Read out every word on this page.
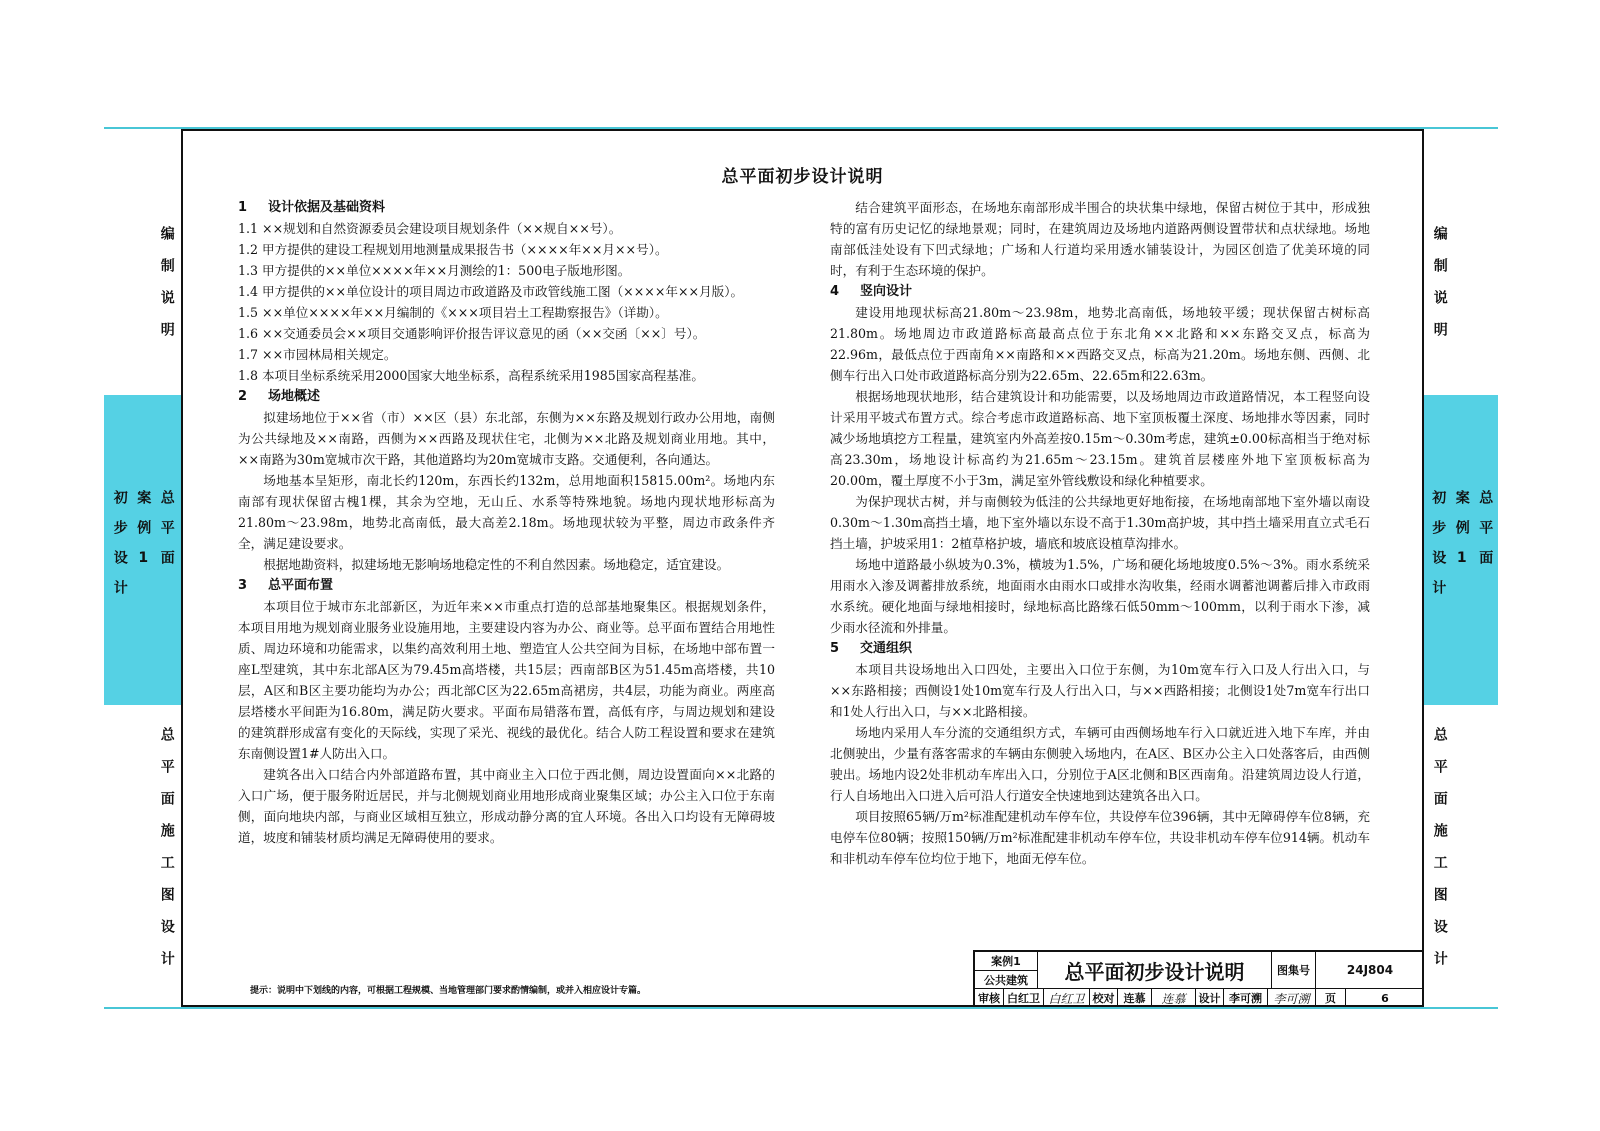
编制说明
总平面
案例1
初步设计
总平面施工图设计
编制说明
总平面
案例1
初步设计
总平面施工图设计
总平面初步设计说明

1 设计依据及基础资料

1.1 ××规划和自然资源委员会建设项目规划条件（××规自××号）。

1.2 甲方提供的建设工程规划用地测量成果报告书（××××年××月××号）。

1.3 甲方提供的××单位××××年××月测绘的1：500电子版地形图。

1.4 甲方提供的××单位设计的项目周边市政道路及市政管线施工图（××××年××月版）。

1.5 ××单位××××年××月编制的《×××项目岩土工程勘察报告》（详勘）。

1.6 ××交通委员会××项目交通影响评价报告评议意见的函（××交函〔××〕号）。

1.7 ××市园林局相关规定。

1.8 本项目坐标系统采用2000国家大地坐标系，高程系统采用1985国家高程基准。

2 场地概述

拟建场地位于××省（市）××区（县）东北部，东侧为××东路及规划行政办公用地，南侧为公共绿地及××南路，西侧为××西路及现状住宅，北侧为××北路及规划商业用地。其中，××南路为30m宽城市次干路，其他道路均为20m宽城市支路。交通便利，各向通达。

场地基本呈矩形，南北长约120m，东西长约132m，总用地面积15815.00m²。场地内东南部有现状保留古槐1棵，其余为空地，无山丘、水系等特殊地貌。场地内现状地形标高为21.80m～23.98m，地势北高南低，最大高差2.18m。场地现状较为平整，周边市政条件齐全，满足建设要求。

根据地勘资料，拟建场地无影响场地稳定性的不利自然因素。场地稳定，适宜建设。

3 总平面布置

本项目位于城市东北部新区，为近年来××市重点打造的总部基地聚集区。根据规划条件，本项目用地为规划商业服务业设施用地，主要建设内容为办公、商业等。总平面布置结合用地性质、周边环境和功能需求，以集约高效利用土地、塑造宜人公共空间为目标，在场地中部布置一座L型建筑，其中东北部A区为79.45m高塔楼，共15层；西南部B区为51.45m高塔楼，共10层，A区和B区主要功能均为办公；西北部C区为22.65m高裙房，共4层，功能为商业。两座高层塔楼水平间距为16.80m，满足防火要求。平面布局错落布置，高低有序，与周边规划和建设的建筑群形成富有变化的天际线，实现了采光、视线的最优化。结合人防工程设置和要求在建筑东南侧设置1#人防出入口。

建筑各出入口结合内外部道路布置，其中商业主入口位于西北侧，周边设置面向××北路的入口广场，便于服务附近居民，并与北侧规划商业用地形成商业聚集区域；办公主入口位于东南侧，面向地块内部，与商业区域相互独立，形成动静分离的宜人环境。各出入口均设有无障碍坡道，坡度和铺装材质均满足无障碍使用的要求。

结合建筑平面形态，在场地东南部形成半围合的块状集中绿地，保留古树位于其中，形成独特的富有历史记忆的绿地景观；同时，在建筑周边及场地内道路两侧设置带状和点状绿地。场地南部低洼处设有下凹式绿地；广场和人行道均采用透水铺装设计，为园区创造了优美环境的同时，有利于生态环境的保护。

4 竖向设计

建设用地现状标高21.80m～23.98m，地势北高南低，场地较平缓；现状保留古树标高21.80m。场地周边市政道路标高最高点位于东北角××北路和××东路交叉点，标高为22.96m，最低点位于西南角××南路和××西路交叉点，标高为21.20m。场地东侧、西侧、北侧车行出入口处市政道路标高分别为22.65m、22.65m和22.63m。

根据场地现状地形，结合建筑设计和功能需要，以及场地周边市政道路情况，本工程竖向设计采用平坡式布置方式。综合考虑市政道路标高、地下室顶板覆土深度、场地排水等因素，同时减少场地填挖方工程量，建筑室内外高差按0.15m～0.30m考虑，建筑±0.00标高相当于绝对标高23.30m，场地设计标高约为21.65m～23.15m。建筑首层楼座外地下室顶板标高为20.00m，覆土厚度不小于3m，满足室外管线敷设和绿化种植要求。

为保护现状古树，并与南侧较为低洼的公共绿地更好地衔接，在场地南部地下室外墙以南设0.30m～1.30m高挡土墙，地下室外墙以东设不高于1.30m高护坡，其中挡土墙采用直立式毛石挡土墙，护坡采用1：2植草格护坡，墙底和坡底设植草沟排水。

场地中道路最小纵坡为0.3%，横坡为1.5%，广场和硬化场地坡度0.5%～3%。雨水系统采用雨水入渗及调蓄排放系统，地面雨水由雨水口或排水沟收集，经雨水调蓄池调蓄后排入市政雨水系统。硬化地面与绿地相接时，绿地标高比路缘石低50mm～100mm，以利于雨水下渗，减少雨水径流和外排量。

5 交通组织

本项目共设场地出入口四处，主要出入口位于东侧，为10m宽车行入口及人行出入口，与××东路相接；西侧设1处10m宽车行及人行出入口，与××西路相接；北侧设1处7m宽车行出口和1处人行出入口，与××北路相接。

场地内采用人车分流的交通组织方式，车辆可由西侧场地车行入口就近进入地下车库，并由北侧驶出，少量有落客需求的车辆由东侧驶入场地内，在A区、B区办公主入口处落客后，由西侧驶出。场地内设2处非机动车库出入口，分别位于A区北侧和B区西南角。沿建筑周边设人行道，行人自场地出入口进入后可沿人行道安全快速地到达建筑各出入口。

项目按照65辆/万m²标准配建机动车停车位，共设停车位396辆，其中无障碍停车位8辆，充电停车位80辆；按照150辆/万m²标准配建非机动车停车位，共设非机动车停车位914辆。机动车和非机动车停车位均位于地下，地面无停车位。

提示：说明中下划线的内容，可根据工程规模、当地管理部门要求酌情编制，或并入相应设计专篇。
案例1
公共建筑	总平面初步设计说明	图集号	24J804
审核 白红卫 白红卫 校对 连慕	连慕	设计 李可溯 李可溯	页	6
